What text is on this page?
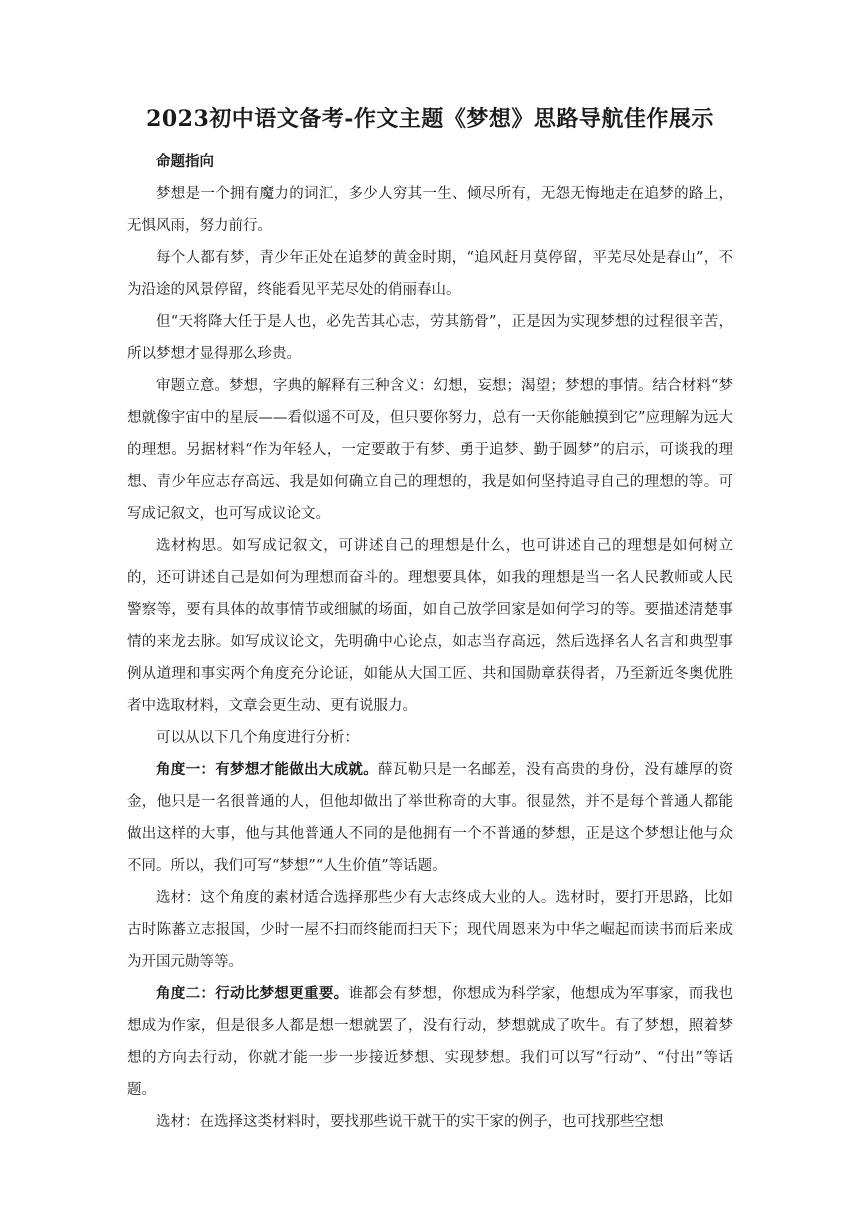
2023初中语文备考-作文主题《梦想》思路导航佳作展示

命题指向

梦想是一个拥有魔力的词汇，多少人穷其一生、倾尽所有，无怨无悔地走在追梦的路上，无惧风雨，努力前行。

每个人都有梦，青少年正处在追梦的黄金时期，“追风赶月莫停留，平芜尽处是春山”，不为沿途的风景停留，终能看见平芜尽处的俏丽春山。

但“天将降大任于是人也，必先苦其心志，劳其筋骨”，正是因为实现梦想的过程很辛苦，所以梦想才显得那么珍贵。

审题立意。梦想，字典的解释有三种含义：幻想，妄想；渴望；梦想的事情。结合材料“梦想就像宇宙中的星辰——看似遥不可及，但只要你努力，总有一天你能触摸到它”应理解为远大的理想。另据材料“作为年轻人，一定要敢于有梦、勇于追梦、勤于圆梦”的启示，可谈我的理想、青少年应志存高远、我是如何确立自己的理想的，我是如何坚持追寻自己的理想的等。可写成记叙文，也可写成议论文。

选材构思。如写成记叙文，可讲述自己的理想是什么，也可讲述自己的理想是如何树立的，还可讲述自己是如何为理想而奋斗的。理想要具体，如我的理想是当一名人民教师或人民警察等，要有具体的故事情节或细腻的场面，如自己放学回家是如何学习的等。要描述清楚事情的来龙去脉。如写成议论文，先明确中心论点，如志当存高远，然后选择名人名言和典型事例从道理和事实两个角度充分论证，如能从大国工匠、共和国勋章获得者，乃至新近冬奥优胜者中选取材料，文章会更生动、更有说服力。

可以从以下几个角度进行分析：

角度一：有梦想才能做出大成就。薛瓦勒只是一名邮差，没有高贵的身份，没有雄厚的资金，他只是一名很普通的人，但他却做出了举世称奇的大事。很显然，并不是每个普通人都能做出这样的大事，他与其他普通人不同的是他拥有一个不普通的梦想，正是这个梦想让他与众不同。所以，我们可写“梦想”“人生价值”等话题。

选材：这个角度的素材适合选择那些少有大志终成大业的人。选材时，要打开思路，比如古时陈蕃立志报国，少时一屋不扫而终能而扫天下；现代周恩来为中华之崛起而读书而后来成为开国元勋等等。

角度二：行动比梦想更重要。谁都会有梦想，你想成为科学家，他想成为军事家，而我也想成为作家，但是很多人都是想一想就罢了，没有行动，梦想就成了吹牛。有了梦想，照着梦想的方向去行动，你就才能一步一步接近梦想、实现梦想。我们可以写“行动”、“付出”等话题。

选材：在选择这类材料时，要找那些说干就干的实干家的例子，也可找那些空想
